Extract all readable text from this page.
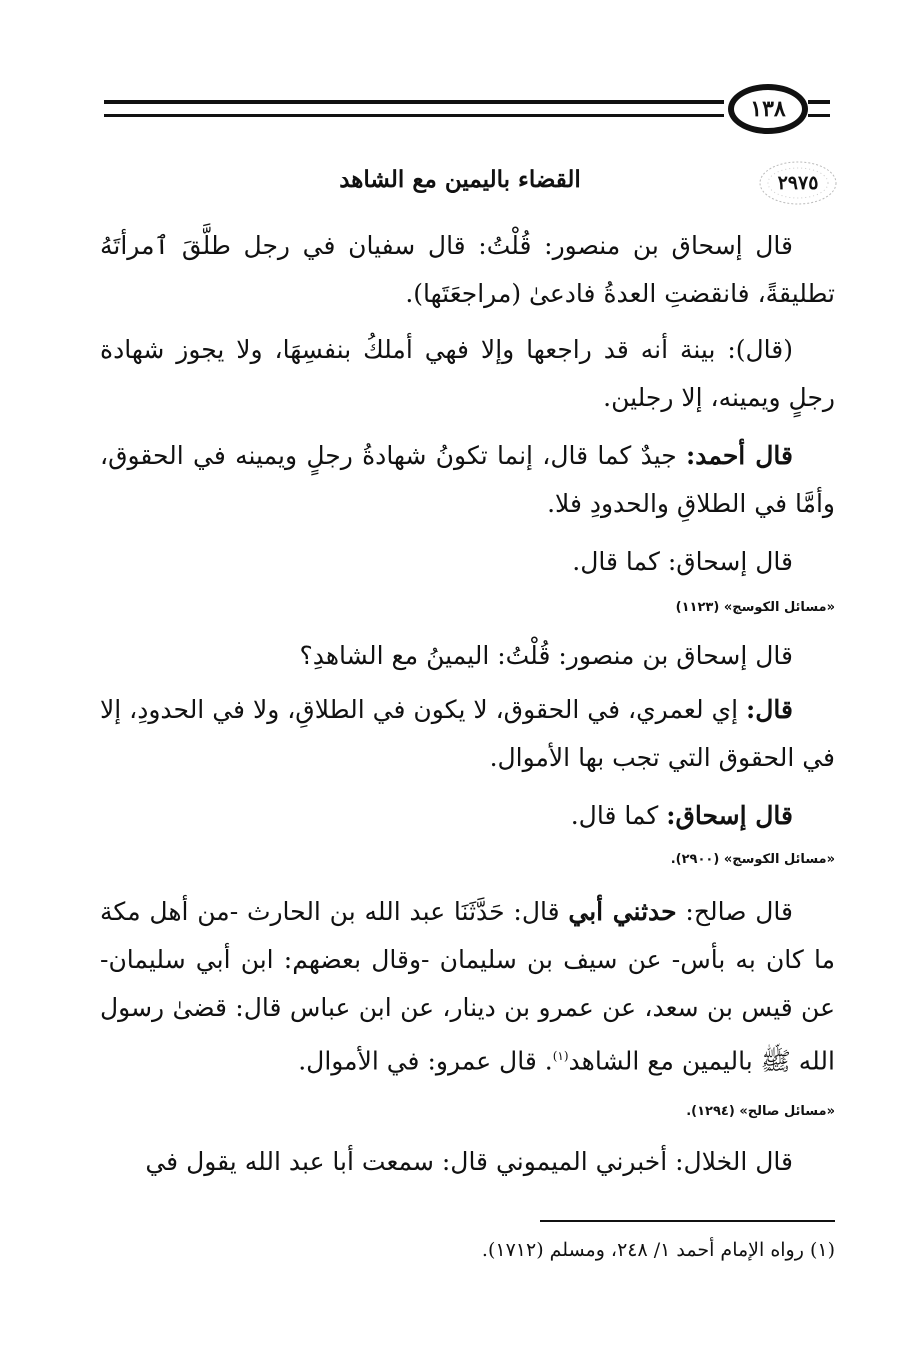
١٣٨
٢٩٧٥
القضاء باليمين مع الشاهد

قال إسحاق بن منصور: قُلْتُ: قال سفيان في رجل طلَّقَ ٱمرأتَهُ تطليقةً، فانقضتِ العدةُ فادعىٰ (مراجعَتَها).

(قال): بينة أنه قد راجعها وإلا فهي أملكُ بنفسِهَا، ولا يجوز شهادة رجلٍ ويمينه، إلا رجلين.

قال أحمد: جيدٌ كما قال، إنما تكونُ شهادةُ رجلٍ ويمينه في الحقوق، وأمَّا في الطلاقِ والحدودِ فلا.

قال إسحاق: كما قال.

«مسائل الكوسج» (١١٢٣)

قال إسحاق بن منصور: قُلْتُ: اليمينُ مع الشاهدِ؟

قال: إي لعمري، في الحقوق، لا يكون في الطلاقِ، ولا في الحدودِ، إلا في الحقوق التي تجب بها الأموال.

قال إسحاق: كما قال.

«مسائل الكوسج» (٢٩٠٠).

قال صالح: حدثني أبي قال: حَدَّثَنَا عبد الله بن الحارث -من أهل مكة ما كان به بأس- عن سيف بن سليمان -وقال بعضهم: ابن أبي سليمان- عن قيس بن سعد، عن عمرو بن دينار، عن ابن عباس قال: قضىٰ رسول الله ﷺ باليمين مع الشاهد$^{(١)}$. قال عمرو: في الأموال.

«مسائل صالح» (١٢٩٤).

قال الخلال: أخبرني الميموني قال: سمعت أبا عبد الله يقول في

(١) رواه الإمام أحمد ١/ ٢٤٨، ومسلم (١٧١٢).
